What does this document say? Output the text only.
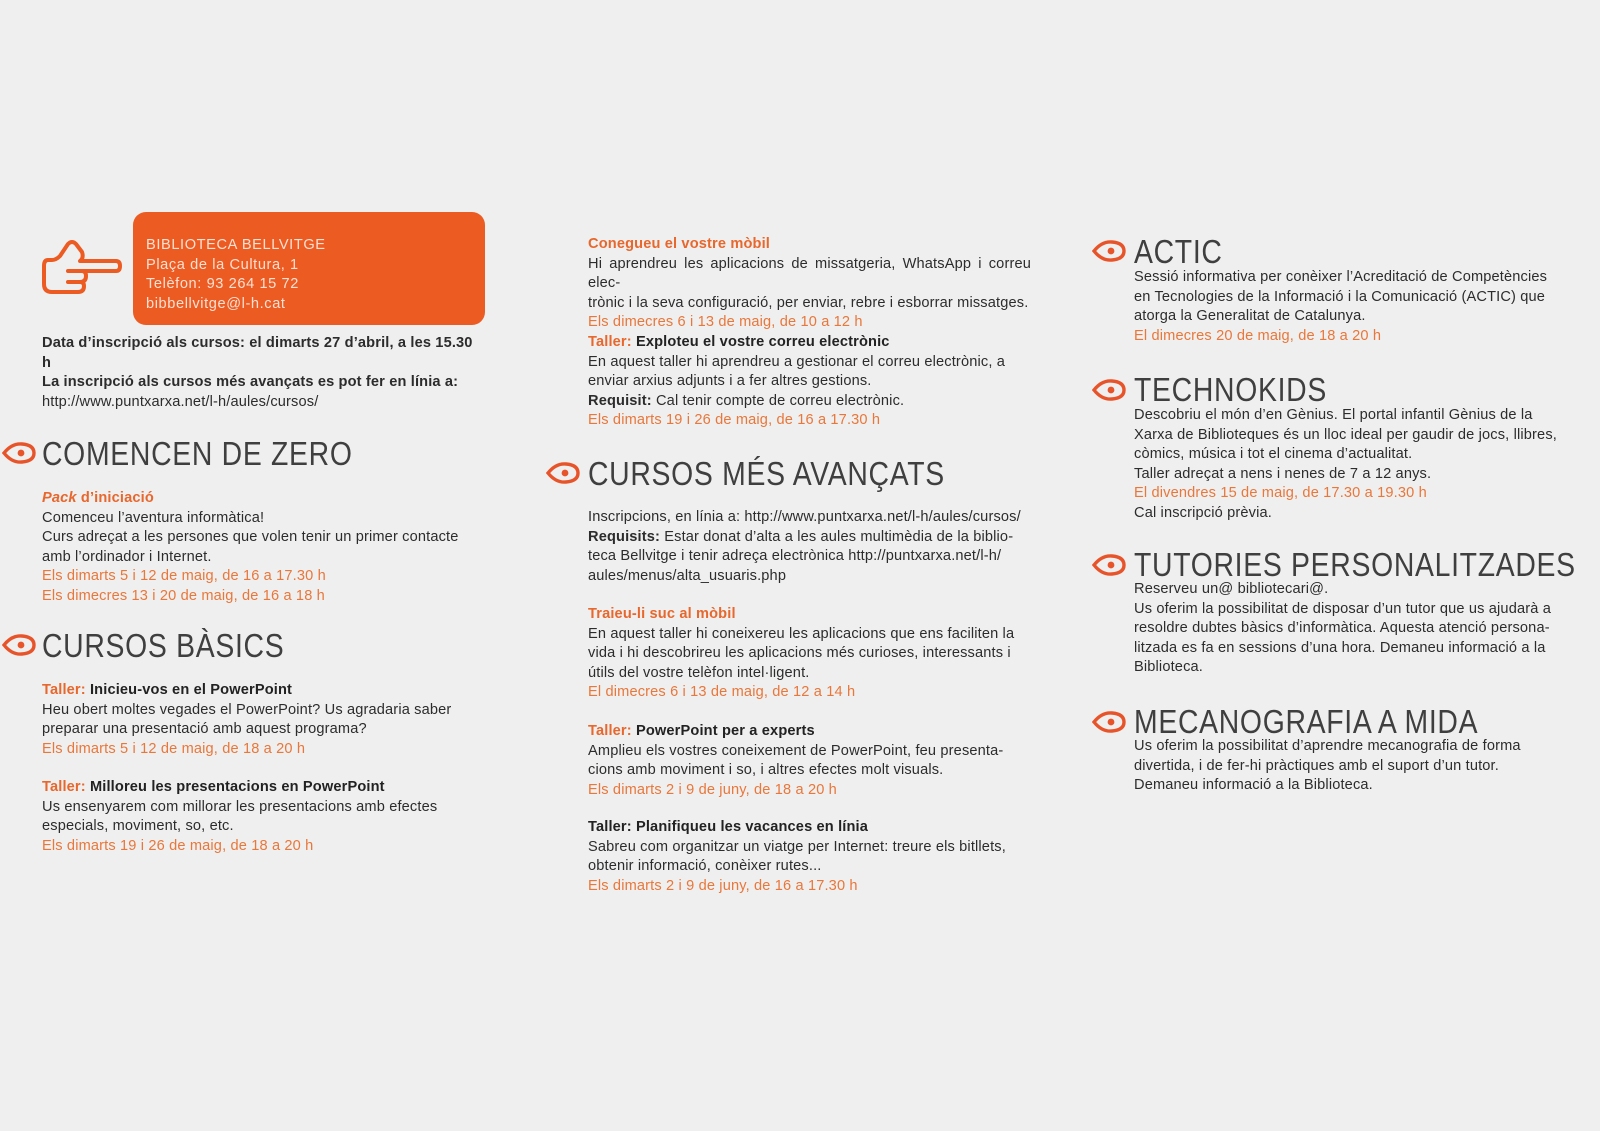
BIBLIOTECA BELLVITGE
Plaça de la Cultura, 1
Telèfon: 93 264 15 72
bibbellvitge@l-h.cat
Data d’inscripció als cursos: el dimarts 27 d’abril, a les 15.30 h
La inscripció als cursos més avançats es pot fer en línia a:
http://www.puntxarxa.net/l-h/aules/cursos/
COMENCEN DE ZERO
Pack d’iniciació
Comenceu l’aventura informàtica!
Curs adreçat a les persones que volen tenir un primer contacte
amb l’ordinador i Internet.
Els dimarts 5 i 12 de maig, de 16 a 17.30 h
Els dimecres 13 i 20 de maig, de 16 a 18 h
CURSOS BÀSICS
Taller: Inicieu-vos en el PowerPoint
Heu obert moltes vegades el PowerPoint? Us agradaria saber
preparar una presentació amb aquest programa?
Els dimarts 5 i 12 de maig, de 18 a 20 h
Taller: Milloreu les presentacions en PowerPoint
Us ensenyarem com millorar les presentacions amb efectes
especials, moviment, so, etc.
Els dimarts 19 i 26 de maig, de 18 a 20 h
Conegueu el vostre mòbil
Hi aprendreu les aplicacions de missatgeria, WhatsApp i correu elec-
trònic i la seva configuració, per enviar, rebre i esborrar missatges.
Els dimecres 6 i 13 de maig, de 10 a 12 h
Taller: Exploteu el vostre correu electrònic
En aquest taller hi aprendreu a gestionar el correu electrònic, a
enviar arxius adjunts i a fer altres gestions.
Requisit: Cal tenir compte de correu electrònic.
Els dimarts 19 i 26 de maig, de 16 a 17.30 h
CURSOS MÉS AVANÇATS
Inscripcions, en línia a: http://www.puntxarxa.net/l-h/aules/cursos/
Requisits: Estar donat d’alta a les aules multimèdia de la biblio-
teca Bellvitge i tenir adreça electrònica http://puntxarxa.net/l-h/
aules/menus/alta_usuaris.php
Traieu-li suc al mòbil
En aquest taller hi coneixereu les aplicacions que ens faciliten la
vida i hi descobrireu les aplicacions més curioses, interessants i
útils del vostre telèfon intel·ligent.
El dimecres 6 i 13 de maig, de 12 a 14 h
Taller: PowerPoint per a experts
Amplieu els vostres coneixement de PowerPoint, feu presenta-
cions amb moviment i so, i altres efectes molt visuals.
Els dimarts 2 i 9 de juny, de 18 a 20 h
Taller: Planifiqueu les vacances en línia
Sabreu com organitzar un viatge per Internet: treure els bitllets,
obtenir informació, conèixer rutes...
Els dimarts 2 i 9 de juny, de 16 a 17.30 h
ACTIC
Sessió informativa per conèixer l’Acreditació de Competències
en Tecnologies de la Informació i la Comunicació (ACTIC) que
atorga la Generalitat de Catalunya.
El dimecres 20 de maig, de 18 a 20 h
TECHNOKIDS
Descobriu el món d’en Gènius. El portal infantil Gènius de la
Xarxa de Biblioteques és un lloc ideal per gaudir de jocs, llibres,
còmics, música i tot el cinema d’actualitat.
Taller adreçat a nens i nenes de 7 a 12 anys.
El divendres 15 de maig, de 17.30 a 19.30 h
Cal inscripció prèvia.
TUTORIES PERSONALITZADES
Reserveu un@ bibliotecari@.
Us oferim la possibilitat de disposar d’un tutor que us ajudarà a
resoldre dubtes bàsics d’informàtica. Aquesta atenció persona-
litzada es fa en sessions d’una hora. Demaneu informació a la
Biblioteca.
MECANOGRAFIA A MIDA
Us oferim la possibilitat d’aprendre mecanografia de forma
divertida, i de fer-hi pràctiques amb el suport d’un tutor.
Demaneu informació a la Biblioteca.
